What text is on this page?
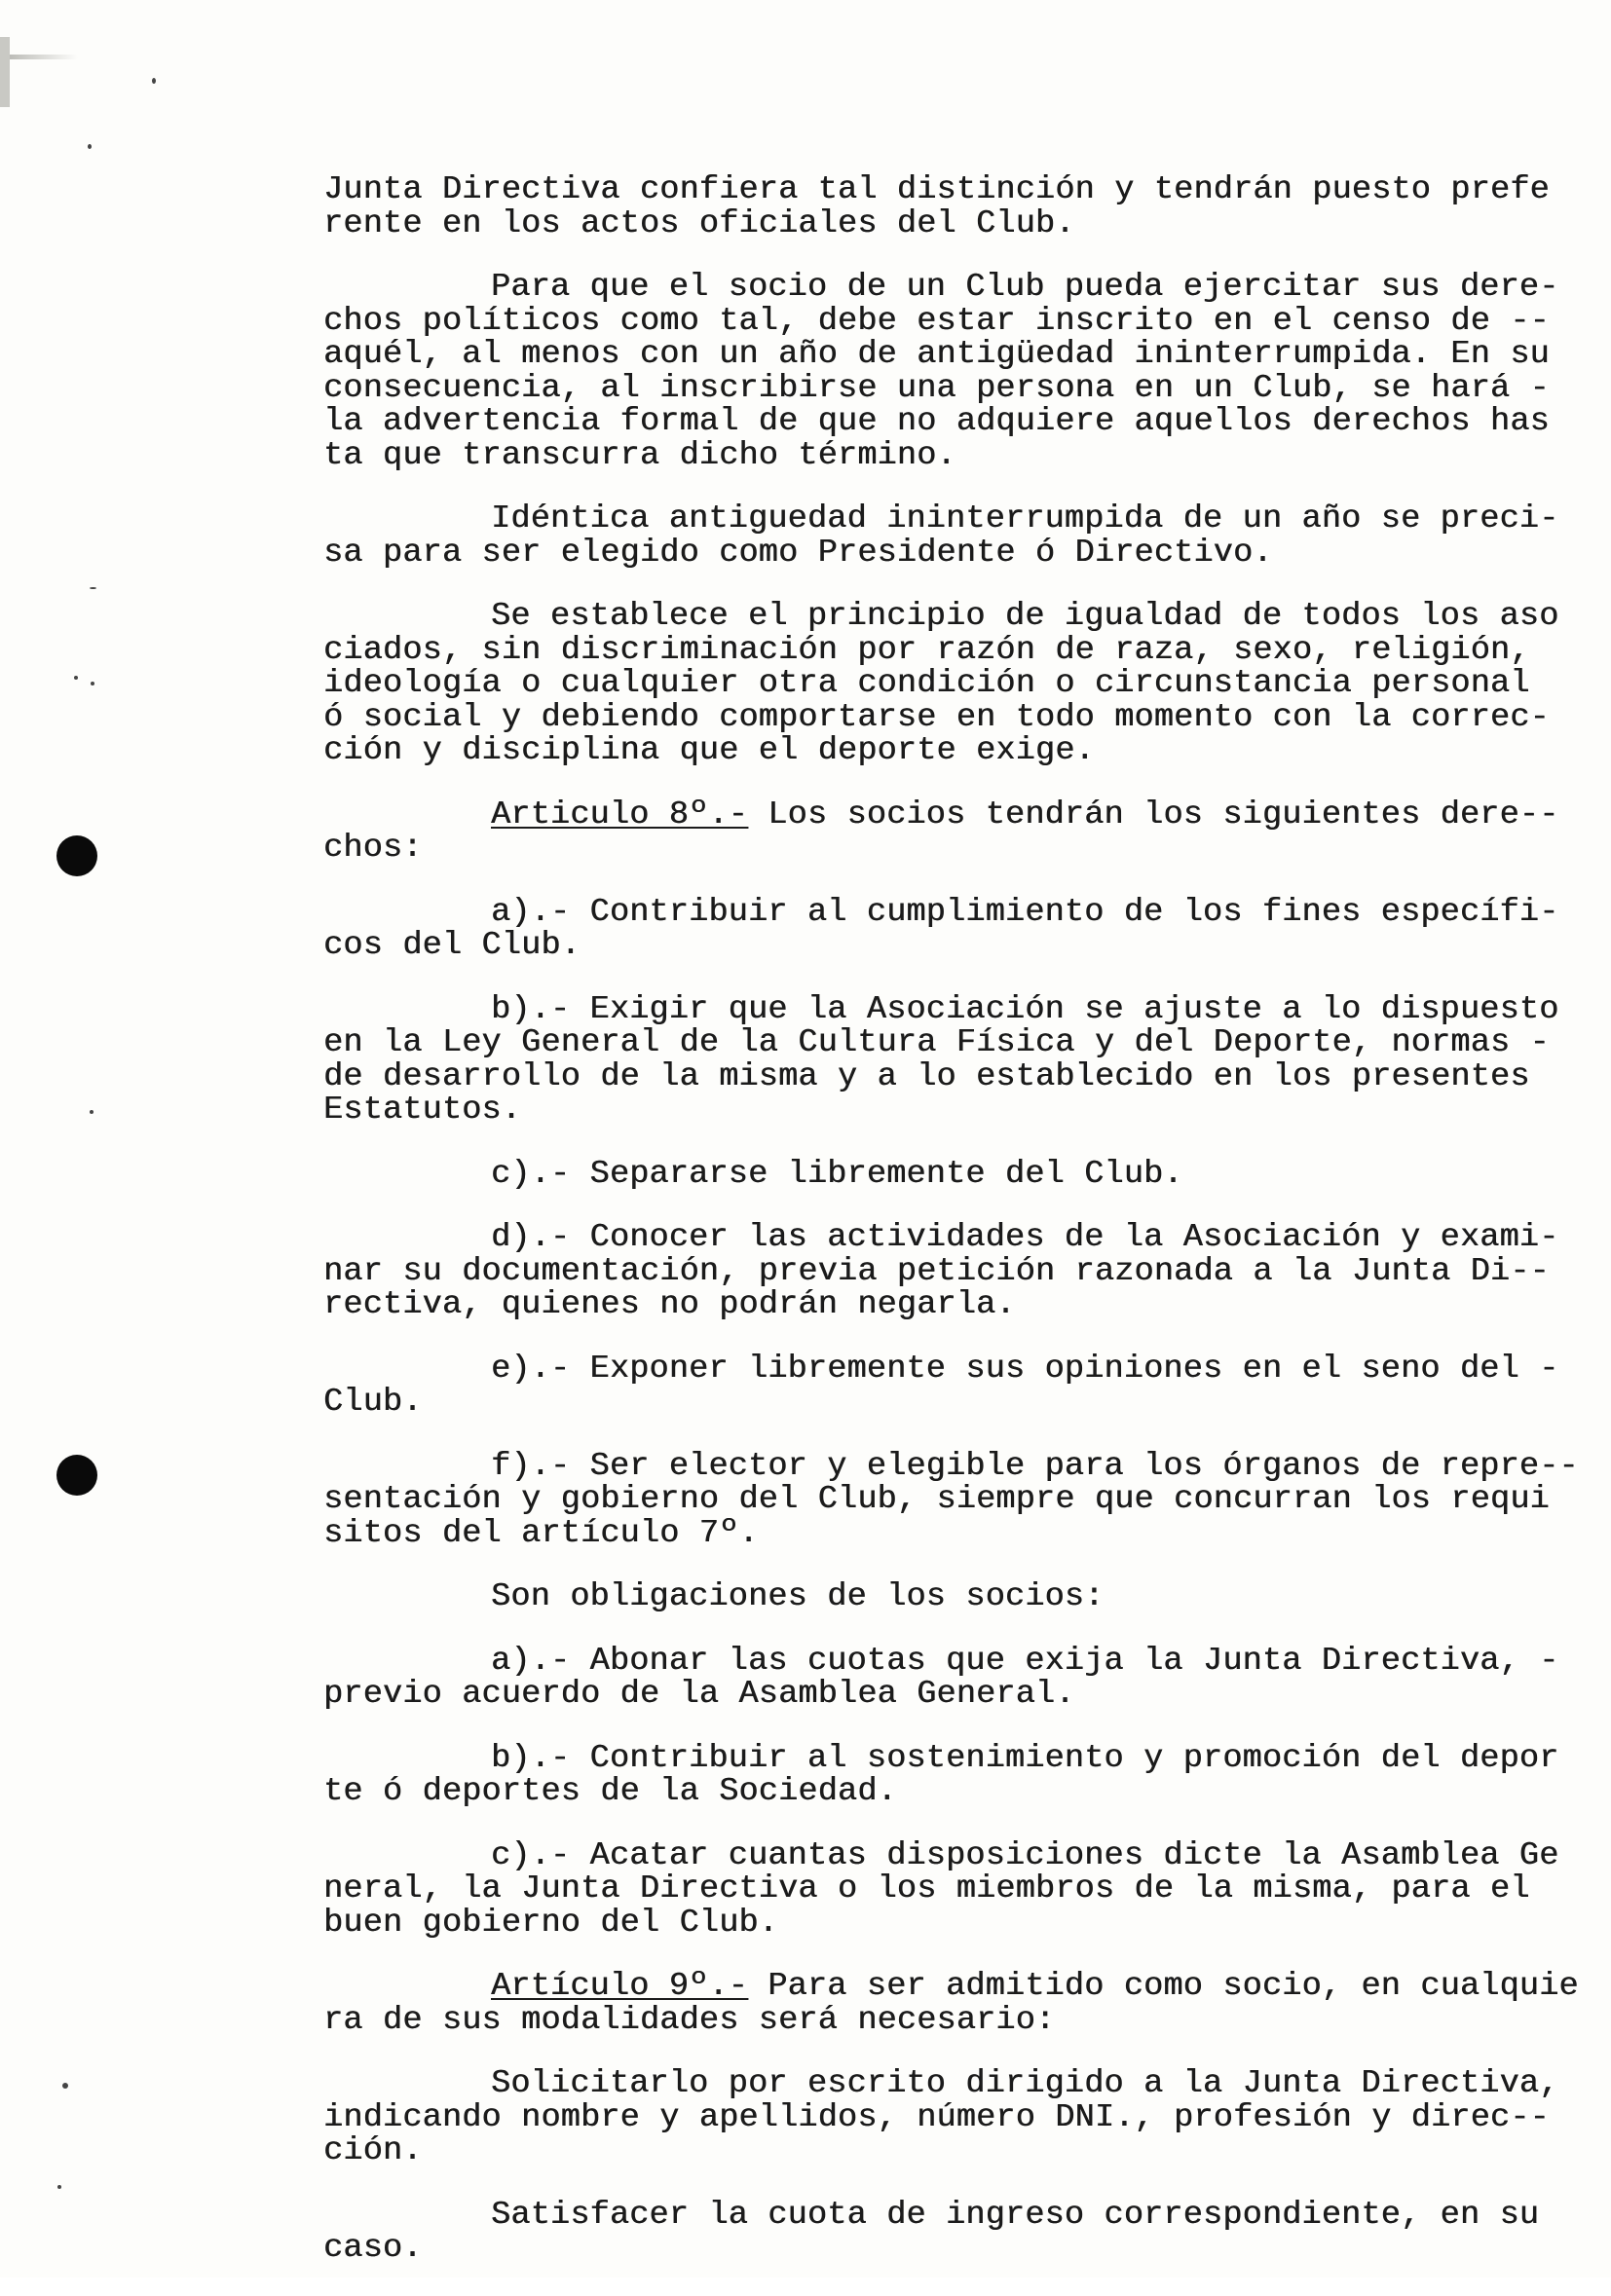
Junta Directiva confiera tal distinción y tendrán puesto prefe
rente en los actos oficiales del Club.
Para que el socio de un Club pueda ejercitar sus dere-
chos políticos como tal, debe estar inscrito en el censo de --
aquél, al menos con un año de antigüedad ininterrumpida. En su
consecuencia, al inscribirse una persona en un Club, se hará -
la advertencia formal de que no adquiere aquellos derechos has
ta que transcurra dicho término.
Idéntica antiguedad ininterrumpida de un año se preci-
sa para ser elegido como Presidente ó Directivo.
Se establece el principio de igualdad de todos los aso
ciados, sin discriminación por razón de raza, sexo, religión,
ideología o cualquier otra condición o circunstancia personal
ó social y debiendo comportarse en todo momento con la correc-
ción y disciplina que el deporte exige.
Articulo 8º.- Los socios tendrán los siguientes dere--
chos:
a).- Contribuir al cumplimiento de los fines específi-
cos del Club.
b).- Exigir que la Asociación se ajuste a lo dispuesto
en la Ley General de la Cultura Física y del Deporte, normas -
de desarrollo de la misma y a lo establecido en los presentes
Estatutos.
c).- Separarse libremente del Club.
d).- Conocer las actividades de la Asociación y exami-
nar su documentación, previa petición razonada a la Junta Di--
rectiva, quienes no podrán negarla.
e).- Exponer libremente sus opiniones en el seno del -
Club.
f).- Ser elector y elegible para los órganos de repre--
sentación y gobierno del Club, siempre que concurran los requi
sitos del artículo 7º.
Son obligaciones de los socios:
a).- Abonar las cuotas que exija la Junta Directiva, -
previo acuerdo de la Asamblea General.
b).- Contribuir al sostenimiento y promoción del depor
te ó deportes de la Sociedad.
c).- Acatar cuantas disposiciones dicte la Asamblea Ge
neral, la Junta Directiva o los miembros de la misma, para el
buen gobierno del Club.
Artículo 9º.- Para ser admitido como socio, en cualquie
ra de sus modalidades será necesario:
Solicitarlo por escrito dirigido a la Junta Directiva,
indicando nombre y apellidos, número DNI., profesión y direc--
ción.
Satisfacer la cuota de ingreso correspondiente, en su
caso.
